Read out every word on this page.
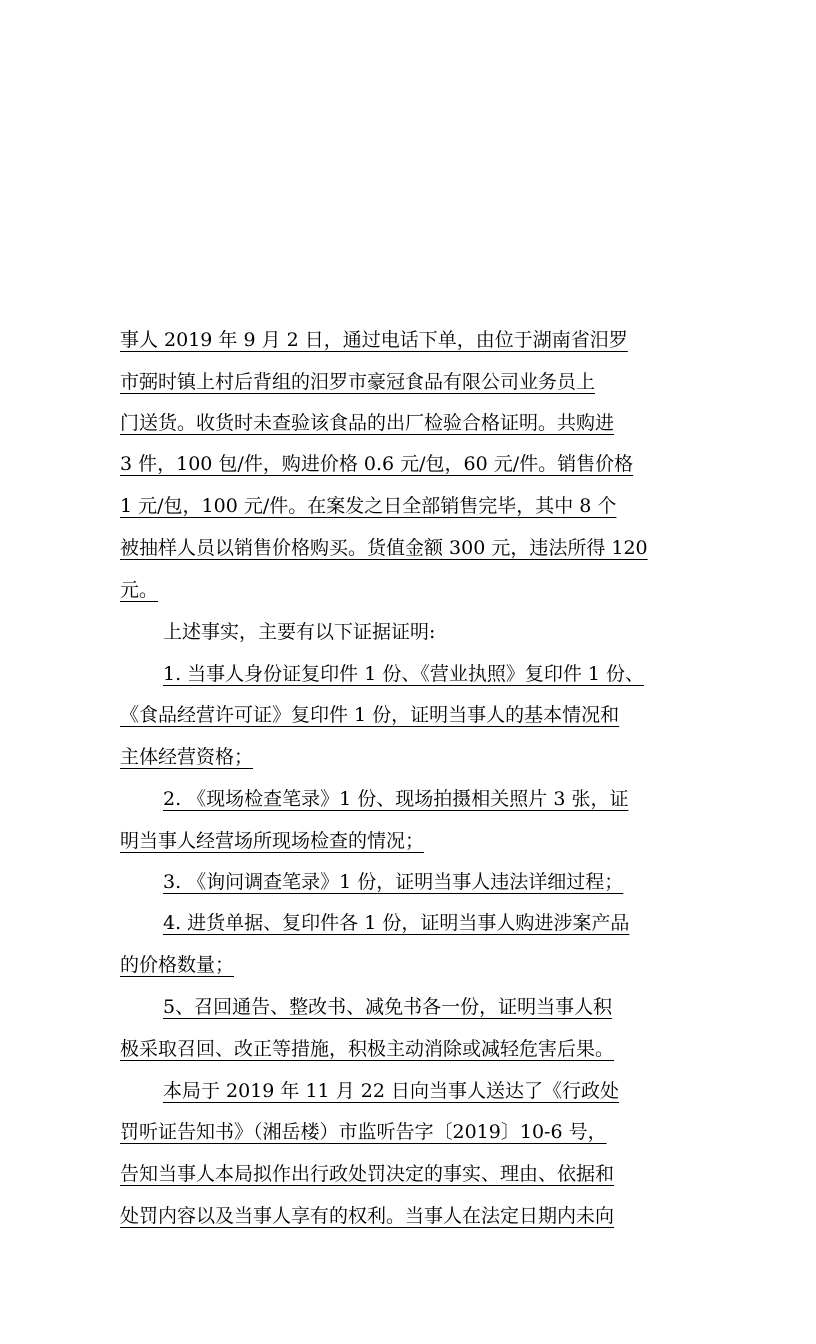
事人 2019 年 9 月 2 日，通过电话下单，由位于湖南省汨罗
市弼时镇上村后背组的汨罗市豪冠食品有限公司业务员上
门送货。收货时未查验该食品的出厂检验合格证明。共购进
3 件，100 包/件，购进价格 0.6 元/包，60 元/件。销售价格
1 元/包，100 元/件。在案发之日全部销售完毕，其中 8 个
被抽样人员以销售价格购买。货值金额 300 元，违法所得 120
元。
上述事实，主要有以下证据证明:
1. 当事人身份证复印件 1 份、《营业执照》复印件 1 份、
《食品经营许可证》复印件 1 份，证明当事人的基本情况和
主体经营资格；
2. 《现场检查笔录》1 份、现场拍摄相关照片 3 张，证
明当事人经营场所现场检查的情况；
3. 《询问调查笔录》1 份，证明当事人违法详细过程；
4. 进货单据、复印件各 1 份，证明当事人购进涉案产品
的价格数量；
5、召回通告、整改书、减免书各一份，证明当事人积
极采取召回、改正等措施，积极主动消除或减轻危害后果。
本局于 2019 年 11 月 22 日向当事人送达了《行政处
罚听证告知书》（湘岳楼）市监听告字〔2019〕10-6 号，
告知当事人本局拟作出行政处罚决定的事实、理由、依据和
处罚内容以及当事人享有的权利。当事人在法定日期内未向
